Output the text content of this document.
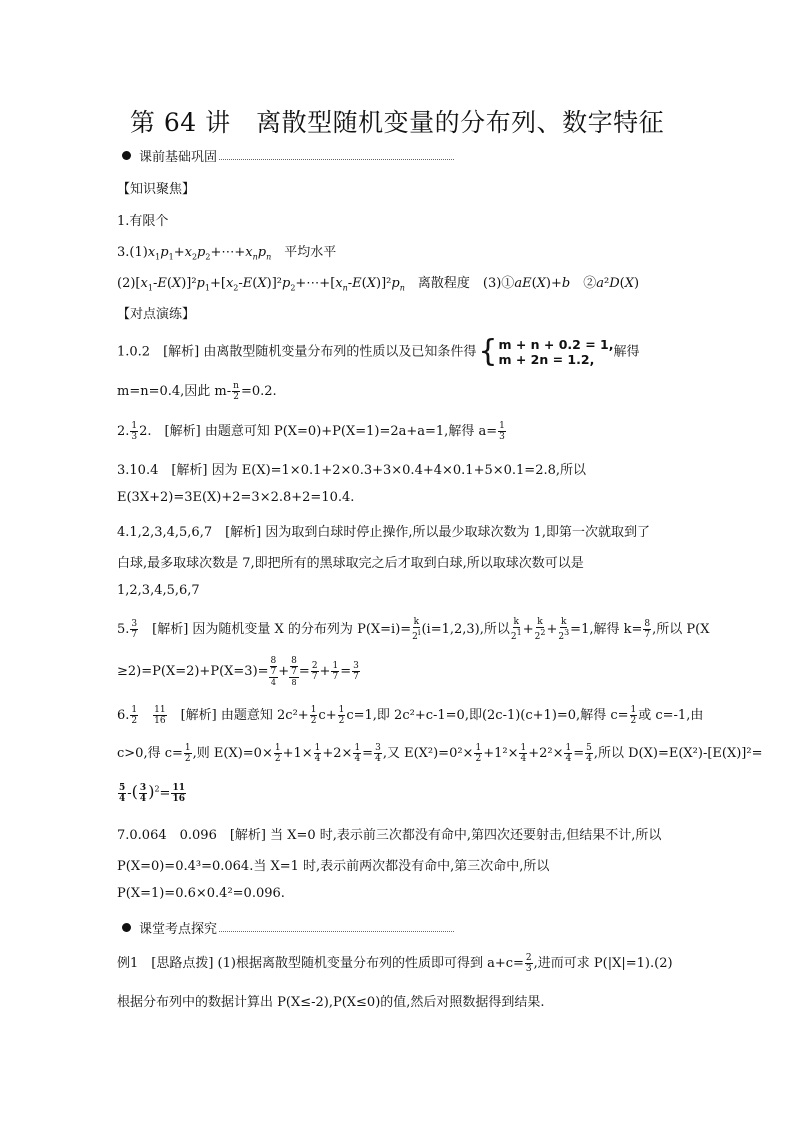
第 64 讲　离散型随机变量的分布列、数字特征
课前基础巩固
【知识聚焦】
1.有限个
$3.(1)x_1p_1+x_2p_2+\cdots+x_np_n$　 平均水平
$(2)[x_1-E(X)]^2p_1+[x_2-E(X)]^2p_2+\cdots+[x_n-E(X)]^2p_n$　 离散程度　(3)①aE(X)+b　②a²D(X)
【对点演练】
1.0.2　[解析] 由离散型随机变量分布列的性质以及已知条件得 { m + n + 0.2 = 1,
m + 2n = 1.2,	解得
m=n=0.4,因此 $m- \frac{n}{2} =0.2$.
2. $\frac{1}{3} 2$.　[解析] 由题意可知 P(X=0)+P(X=1)=2a+a=1,解得 $a= \frac{1}{3}$
3.10.4　[解析] 因为 E(X)=1×0.1+2×0.3+3×0.4+4×0.1+5×0.1=2.8,所以
E(3X+2)=3E(X)+2=3×2.8+2=10.4.
4.1,2,3,4,5,6,7　[解析] 因为取到白球时停止操作,所以最少取球次数为 1,即第一次就取到了
白球,最多取球次数是 7,即把所有的黑球取完之后才取到白球,所以取球次数可以是
1,2,3,4,5,6,7
5. $\frac{3}{7}$ 　[解析] 因为随机变量 X 的分布列为 $P(X=i)= \frac{k}{2^i} (i=1,2,3)$,所以 $\frac{k}{2^1} + \frac{k}{2^2} + \frac{k}{2^3} =1$,解得 $k= \frac{8}{7}$ ,所以 P(X
$\ge 2)=P(X=2)+P(X=3)= \frac{\frac{8}{7}}{4} + \frac{\frac{8}{7}}{8} = \frac{2}{7} + \frac{1}{7} = \frac{3}{7}$
6. $\frac{1}{2}$
　 $\frac{11}{16}$ 　[解析] 由题意知 $2c^2+ \frac{1}{2} c+ \frac{1}{2} c=1$,即 2c²+c-1=0,即(2c-1)(c+1)=0,解得 $c= \frac{1}{2}$ 或 c=-1,由
c>0,得 $c= \frac{1}{2}$ ,则 $E(X)=0\times \frac{1}{2} +1\times \frac{1}{4} +2\times \frac{1}{4} = \frac{3}{4}$ ,又 $E(X^2)=0^2\times \frac{1}{2} +1^2\times \frac{1}{4} +2^2\times \frac{1}{4} = \frac{5}{4}$ ,所以 D(X)=E(X²)-[E(X)]²=
$\frac{5}{4}$ -( $\frac{3}{4} )^2= \frac{11}{16}$
7.0.064　0.096　[解析] 当 X=0 时,表示前三次都没有命中,第四次还要射击,但结果不计,所以
P(X=0)=0.4³=0.064.当 X=1 时,表示前两次都没有命中,第三次命中,所以
P(X=1)=0.6×0.4²=0.096.
课堂考点探究
例1　[思路点拨] (1)根据离散型随机变量分布列的性质即可得到 $a+c= \frac{2}{3}$ ,进而可求 P(|X|=1).(2)
根据分布列中的数据计算出 P(X≤-2),P(X≤0)的值,然后对照数据得到结果.
